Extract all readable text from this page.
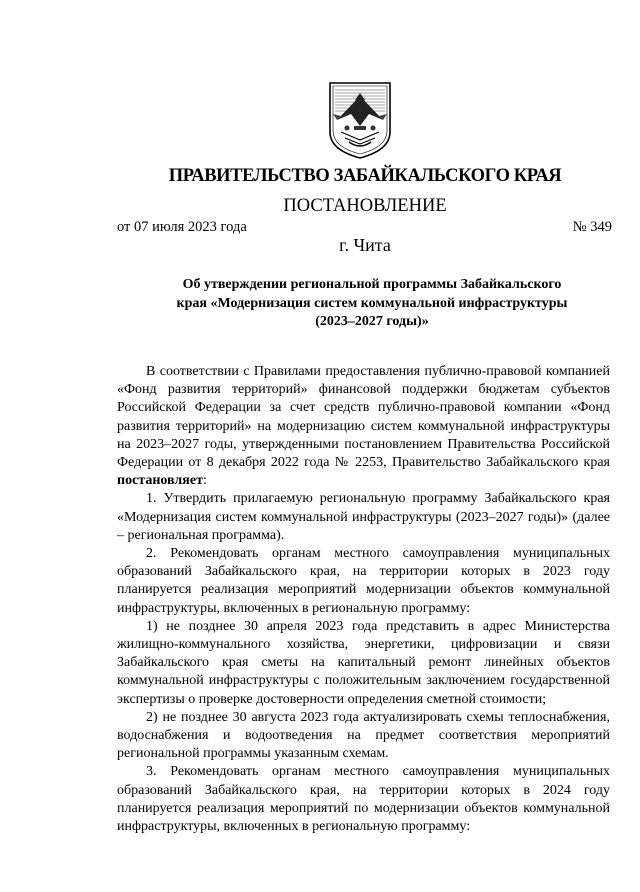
ПРАВИТЕЛЬСТВО ЗАБАЙКАЛЬСКОГО КРАЯ
ПОСТАНОВЛЕНИЕ
от 07 июля 2023 года	№ 349
г. Чита
Об утверждении региональной программы Забайкальского края «Модернизация систем коммунальной инфраструктуры (2023–2027 годы)»

В соответствии с Правилами предоставления публично-правовой компанией «Фонд развития территорий» финансовой поддержки бюджетам субъектов Российской Федерации за счет средств публично-правовой компании «Фонд развития территорий» на модернизацию систем коммунальной инфраструктуры на 2023–2027 годы, утвержденными постановлением Правительства Российской Федерации от 8 декабря 2022 года № 2253, Правительство Забайкальского края постановляет:

1. Утвердить прилагаемую региональную программу Забайкальского края «Модернизация систем коммунальной инфраструктуры (2023–2027 годы)» (далее – региональная программа).

2. Рекомендовать органам местного самоуправления муниципальных образований Забайкальского края, на территории которых в 2023 году планируется реализация мероприятий модернизации объектов коммунальной инфраструктуры, включенных в региональную программу:

1) не позднее 30 апреля 2023 года представить в адрес Министерства жилищно-коммунального хозяйства, энергетики, цифровизации и связи Забайкальского края сметы на капитальный ремонт линейных объектов коммунальной инфраструктуры с положительным заключением государственной экспертизы о проверке достоверности определения сметной стоимости;

2) не позднее 30 августа 2023 года актуализировать схемы теплоснабжения, водоснабжения и водоотведения на предмет соответствия мероприятий региональной программы указанным схемам.

3. Рекомендовать органам местного самоуправления муниципальных образований Забайкальского края, на территории которых в 2024 году планируется реализация мероприятий по модернизации объектов коммунальной инфраструктуры, включенных в региональную программу:
